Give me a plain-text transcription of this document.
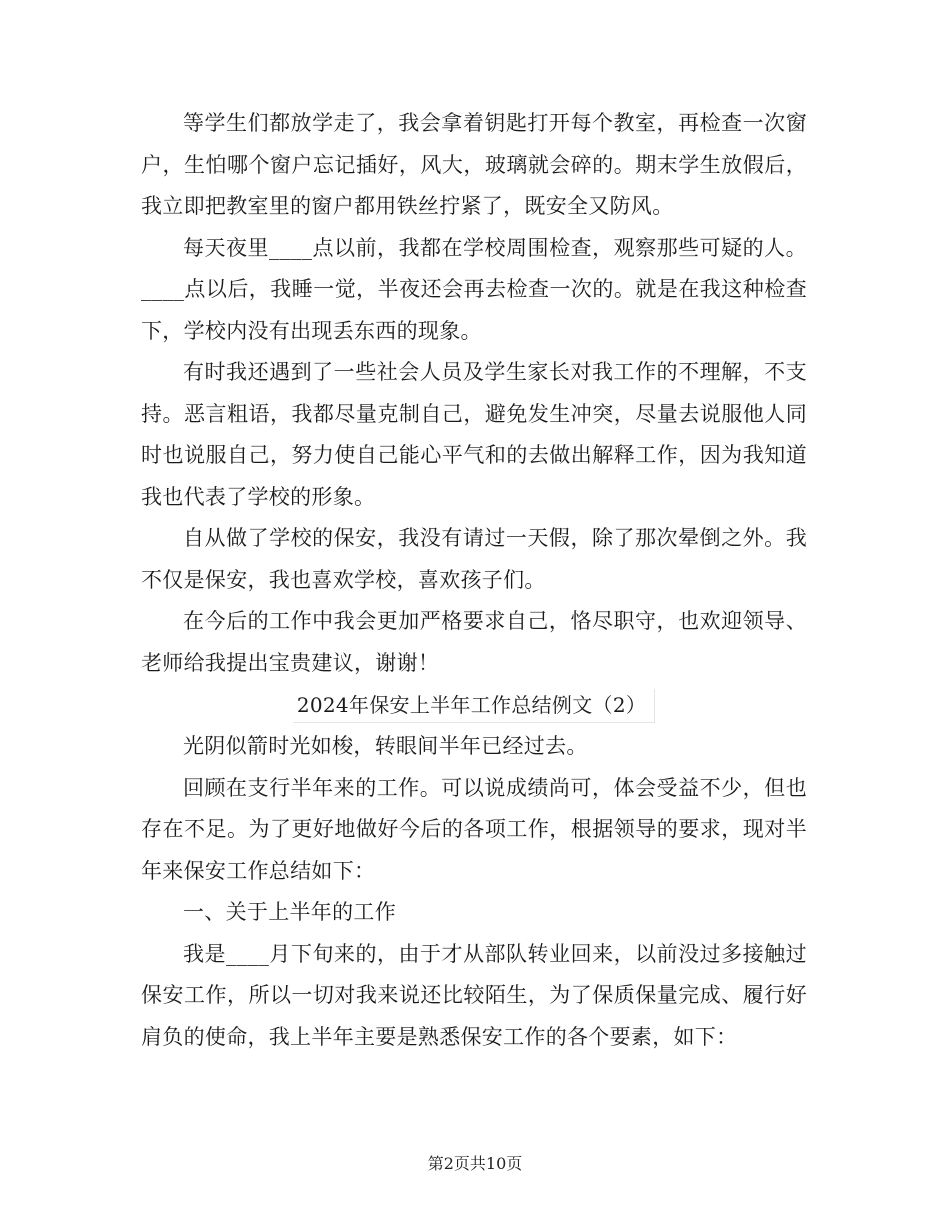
等学生们都放学走了，我会拿着钥匙打开每个教室，再检查一次窗户，生怕哪个窗户忘记插好，风大，玻璃就会碎的。期末学生放假后，我立即把教室里的窗户都用铁丝拧紧了，既安全又防风。

每天夜里____点以前，我都在学校周围检查，观察那些可疑的人。____点以后，我睡一觉，半夜还会再去检查一次的。就是在我这种检查下，学校内没有出现丢东西的现象。

有时我还遇到了一些社会人员及学生家长对我工作的不理解，不支持。恶言粗语，我都尽量克制自己，避免发生冲突，尽量去说服他人同时也说服自己，努力使自己能心平气和的去做出解释工作，因为我知道我也代表了学校的形象。

自从做了学校的保安，我没有请过一天假，除了那次晕倒之外。我不仅是保安，我也喜欢学校，喜欢孩子们。

在今后的工作中我会更加严格要求自己，恪尽职守，也欢迎领导、老师给我提出宝贵建议，谢谢！

2024年保安上半年工作总结例文（2）

光阴似箭时光如梭，转眼间半年已经过去。

回顾在支行半年来的工作。可以说成绩尚可，体会受益不少，但也存在不足。为了更好地做好今后的各项工作，根据领导的要求，现对半年来保安工作总结如下：

一、关于上半年的工作

我是____月下旬来的，由于才从部队转业回来，以前没过多接触过保安工作，所以一切对我来说还比较陌生，为了保质保量完成、履行好肩负的使命，我上半年主要是熟悉保安工作的各个要素，如下：

第2页共10页
